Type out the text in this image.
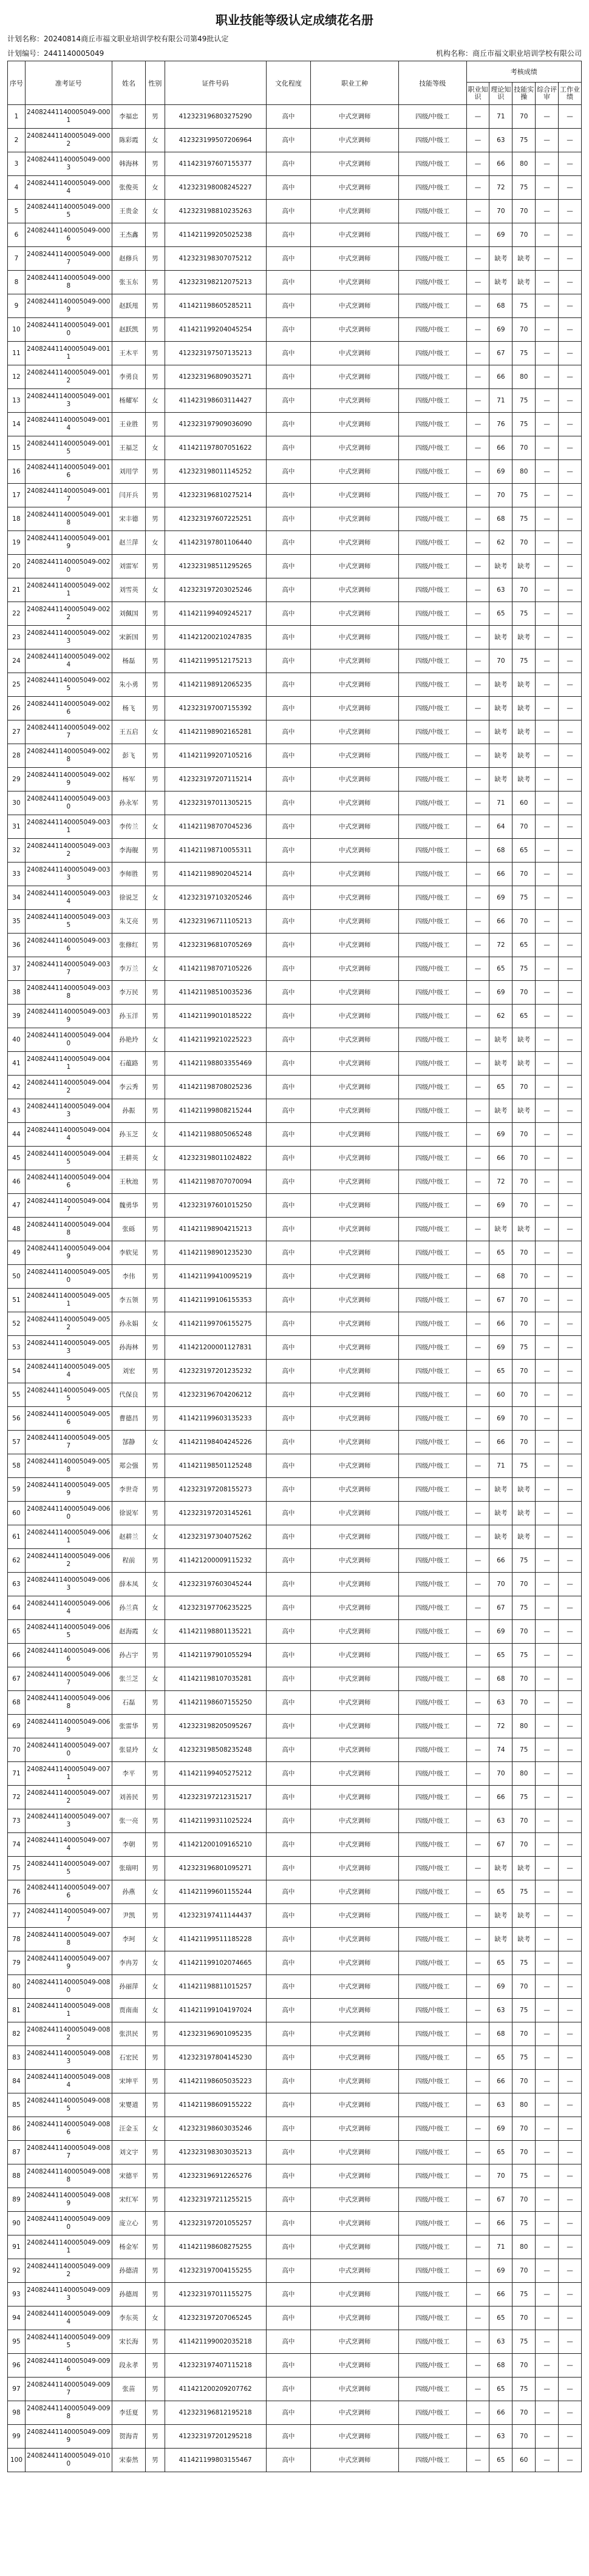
职业技能等级认定成绩花名册
计划名称：20240814商丘市福文职业培训学校有限公司第49批认定
计划编号：2441140005049	机构名称：商丘市福文职业培训学校有限公司
序号	准考证号	姓名	性别	证件号码	文化程度	职业工种	技能等级	考核成绩				
								职业知识	理论知识	技能实操	综合评审	工作业绩
1	24082441140005049-0001	李福忠	男	412323196803275290	高中	中式烹调师	四级/中级工	—	71	70	—	—
2	24082441140005049-0002	陈彩霞	女	412323199507206964	高中	中式烹调师	四级/中级工	—	63	75	—	—
3	24082441140005049-0003	韩海林	男	411423197607155377	高中	中式烹调师	四级/中级工	—	66	80	—	—
4	24082441140005049-0004	张俊英	女	412323198008245227	高中	中式烹调师	四级/中级工	—	72	75	—	—
5	24082441140005049-0005	王贵金	女	412323198810235263	高中	中式烹调师	四级/中级工	—	70	70	—	—
6	24082441140005049-0006	王杰鑫	男	411421199205025238	高中	中式烹调师	四级/中级工	—	69	70	—	—
7	24082441140005049-0007	赵修兵	男	412323198307075212	高中	中式烹调师	四级/中级工	—	缺考	缺考	—	—
8	24082441140005049-0008	张玉东	男	412323198212075213	高中	中式烹调师	四级/中级工	—	缺考	缺考	—	—
9	24082441140005049-0009	赵跃甩	男	411421198605285211	高中	中式烹调师	四级/中级工	—	68	75	—	—
10	24082441140005049-0010	赵跃凯	男	411421199204045254	高中	中式烹调师	四级/中级工	—	69	70	—	—
11	24082441140005049-0011	王木平	男	412323197507135213	高中	中式烹调师	四级/中级工	—	67	75	—	—
12	24082441140005049-0012	李勇良	男	412323196809035271	高中	中式烹调师	四级/中级工	—	66	80	—	—
13	24082441140005049-0013	杨耀军	女	411423198603114427	高中	中式烹调师	四级/中级工	—	71	75	—	—
14	24082441140005049-0014	王业胜	男	412323197909036090	高中	中式烹调师	四级/中级工	—	76	75	—	—
15	24082441140005049-0015	王福芝	女	411421197807051622	高中	中式烹调师	四级/中级工	—	66	70	—	—
16	24082441140005049-0016	刘用学	男	412323198011145252	高中	中式烹调师	四级/中级工	—	69	80	—	—
17	24082441140005049-0017	闫开兵	男	412323196810275214	高中	中式烹调师	四级/中级工	—	70	75	—	—
18	24082441140005049-0018	宋丰德	男	412323197607225251	高中	中式烹调师	四级/中级工	—	68	75	—	—
19	24082441140005049-0019	赵兰萍	女	411423197801106440	高中	中式烹调师	四级/中级工	—	62	70	—	—
20	24082441140005049-0020	刘雷军	男	412323198511295265	高中	中式烹调师	四级/中级工	—	缺考	缺考	—	—
21	24082441140005049-0021	刘雪英	女	412323197203025246	高中	中式烹调师	四级/中级工	—	63	70	—	—
22	24082441140005049-0022	刘佩国	男	411421199409245217	高中	中式烹调师	四级/中级工	—	65	75	—	—
23	24082441140005049-0023	宋新国	男	411421200210247835	高中	中式烹调师	四级/中级工	—	缺考	缺考	—	—
24	24082441140005049-0024	杨磊	男	411421199512175213	高中	中式烹调师	四级/中级工	—	70	75	—	—
25	24082441140005049-0025	朱小勇	男	411421198912065235	高中	中式烹调师	四级/中级工	—	缺考	缺考	—	—
26	24082441140005049-0026	杨飞	男	412323197007155392	高中	中式烹调师	四级/中级工	—	缺考	缺考	—	—
27	24082441140005049-0027	王五启	女	411421198902165281	高中	中式烹调师	四级/中级工	—	缺考	缺考	—	—
28	24082441140005049-0028	彭飞	男	411421199207105216	高中	中式烹调师	四级/中级工	—	缺考	缺考	—	—
29	24082441140005049-0029	杨军	男	412323197207115214	高中	中式烹调师	四级/中级工	—	缺考	缺考	—	—
30	24082441140005049-0030	孙永军	男	412323197011305215	高中	中式烹调师	四级/中级工	—	71	60	—	—
31	24082441140005049-0031	李传兰	女	411421198707045236	高中	中式烹调师	四级/中级工	—	64	70	—	—
32	24082441140005049-0032	李海舰	男	411421198710055311	高中	中式烹调师	四级/中级工	—	68	65	—	—
33	24082441140005049-0033	李师胜	男	411421198902045214	高中	中式烹调师	四级/中级工	—	66	70	—	—
34	24082441140005049-0034	徐说芝	女	412323197103205246	高中	中式烹调师	四级/中级工	—	69	75	—	—
35	24082441140005049-0035	朱艾亮	男	412323196711105213	高中	中式烹调师	四级/中级工	—	66	70	—	—
36	24082441140005049-0036	张修红	男	412323196810705269	高中	中式烹调师	四级/中级工	—	72	65	—	—
37	24082441140005049-0037	李万兰	女	411421198707105226	高中	中式烹调师	四级/中级工	—	65	75	—	—
38	24082441140005049-0038	李万民	男	411421198510035236	高中	中式烹调师	四级/中级工	—	69	70	—	—
39	24082441140005049-0039	孙玉洋	男	411421199010185222	高中	中式烹调师	四级/中级工	—	62	65	—	—
40	24082441140005049-0040	孙艳玲	女	411421199210225223	高中	中式烹调师	四级/中级工	—	缺考	缺考	—	—
41	24082441140005049-0041	石蕴路	男	411421198803355469	高中	中式烹调师	四级/中级工	—	缺考	缺考	—	—
42	24082441140005049-0042	李云秀	男	411421198708025236	高中	中式烹调师	四级/中级工	—	65	70	—	—
43	24082441140005049-0043	孙振	男	411421199808215244	高中	中式烹调师	四级/中级工	—	缺考	缺考	—	—
44	24082441140005049-0044	孙玉芝	女	411421198805065248	高中	中式烹调师	四级/中级工	—	69	70	—	—
45	24082441140005049-0045	王耕英	女	412323198011024822	高中	中式烹调师	四级/中级工	—	66	70	—	—
46	24082441140005049-0046	王秋池	男	411421198707070094	高中	中式烹调师	四级/中级工	—	72	70	—	—
47	24082441140005049-0047	魏勇华	男	412323197601015250	高中	中式烹调师	四级/中级工	—	69	70	—	—
48	24082441140005049-0048	张砾	男	411421198904215213	高中	中式烹调师	四级/中级工	—	缺考	缺考	—	—
49	24082441140005049-0049	李软见	男	411421198901235230	高中	中式烹调师	四级/中级工	—	65	70	—	—
50	24082441140005049-0050	李伟	男	411421199410095219	高中	中式烹调师	四级/中级工	—	68	70	—	—
51	24082441140005049-0051	李五领	男	411421199106155353	高中	中式烹调师	四级/中级工	—	67	70	—	—
52	24082441140005049-0052	孙永娟	女	411421199706155275	高中	中式烹调师	四级/中级工	—	66	70	—	—
53	24082441140005049-0053	孙海林	男	411421200001127831	高中	中式烹调师	四级/中级工	—	69	75	—	—
54	24082441140005049-0054	刘宏	男	412323197201235232	高中	中式烹调师	四级/中级工	—	65	70	—	—
55	24082441140005049-0055	代保良	男	412323196704206212	高中	中式烹调师	四级/中级工	—	60	70	—	—
56	24082441140005049-0056	曹德昌	男	411421199603135233	高中	中式烹调师	四级/中级工	—	69	70	—	—
57	24082441140005049-0057	郜静	女	411421198404245226	高中	中式烹调师	四级/中级工	—	66	70	—	—
58	24082441140005049-0058	郑会强	男	411421198501125248	高中	中式烹调师	四级/中级工	—	71	75	—	—
59	24082441140005049-0059	李世奇	男	412323197208155273	高中	中式烹调师	四级/中级工	—	缺考	缺考	—	—
60	24082441140005049-0060	徐说军	男	412323197203145261	高中	中式烹调师	四级/中级工	—	缺考	缺考	—	—
61	24082441140005049-0061	赵耕兰	女	412323197304075262	高中	中式烹调师	四级/中级工	—	缺考	缺考	—	—
62	24082441140005049-0062	程前	男	411421200009115232	高中	中式烹调师	四级/中级工	—	66	75	—	—
63	24082441140005049-0063	薛本凤	女	412323197603045244	高中	中式烹调师	四级/中级工	—	70	70	—	—
64	24082441140005049-0064	孙兰真	女	412323197706235225	高中	中式烹调师	四级/中级工	—	67	75	—	—
65	24082441140005049-0065	赵海霞	女	411421198801135221	高中	中式烹调师	四级/中级工	—	69	70	—	—
66	24082441140005049-0066	孙占宇	男	411421197901055294	高中	中式烹调师	四级/中级工	—	65	75	—	—
67	24082441140005049-0067	张兰芝	女	411421198107035281	高中	中式烹调师	四级/中级工	—	68	70	—	—
68	24082441140005049-0068	石磊	男	411421198607155250	高中	中式烹调师	四级/中级工	—	63	70	—	—
69	24082441140005049-0069	张雷华	男	412323198205095267	高中	中式烹调师	四级/中级工	—	72	80	—	—
70	24082441140005049-0070	张显玲	女	412323198508235248	高中	中式烹调师	四级/中级工	—	74	75	—	—
71	24082441140005049-0071	李平	男	411421199405275212	高中	中式烹调师	四级/中级工	—	70	80	—	—
72	24082441140005049-0072	刘善民	男	412323197212315217	高中	中式烹调师	四级/中级工	—	66	75	—	—
73	24082441140005049-0073	张一亮	男	411421199311025224	高中	中式烹调师	四级/中级工	—	63	70	—	—
74	24082441140005049-0074	李朝	男	411421200109165210	高中	中式烹调师	四级/中级工	—	67	70	—	—
75	24082441140005049-0075	张瑞明	男	412323196801095271	高中	中式烹调师	四级/中级工	—	缺考	缺考	—	—
76	24082441140005049-0076	孙燕	女	411421199601155244	高中	中式烹调师	四级/中级工	—	65	75	—	—
77	24082441140005049-0077	尹凯	男	412323197411144437	高中	中式烹调师	四级/中级工	—	缺考	缺考	—	—
78	24082441140005049-0078	李珂	女	411421199511185228	高中	中式烹调师	四级/中级工	—	缺考	缺考	—	—
79	24082441140005049-0079	李冉芳	女	411421199102074665	高中	中式烹调师	四级/中级工	—	65	75	—	—
80	24082441140005049-0080	孙丽萍	女	411421198811015257	高中	中式烹调师	四级/中级工	—	69	70	—	—
81	24082441140005049-0081	贾南南	女	411421199104197024	高中	中式烹调师	四级/中级工	—	63	75	—	—
82	24082441140005049-0082	张洪民	男	412323196901095235	高中	中式烹调师	四级/中级工	—	68	70	—	—
83	24082441140005049-0083	石宏民	男	412323197804145230	高中	中式烹调师	四级/中级工	—	65	75	—	—
84	24082441140005049-0084	宋坤平	男	411421198605035223	高中	中式烹调师	四级/中级工	—	66	70	—	—
85	24082441140005049-0085	宋婴道	男	411421198609155222	高中	中式烹调师	四级/中级工	—	63	80	—	—
86	24082441140005049-0086	汪金玉	女	412323198603035246	高中	中式烹调师	四级/中级工	—	69	70	—	—
87	24082441140005049-0087	刘文宇	男	412323198303035213	高中	中式烹调师	四级/中级工	—	65	70	—	—
88	24082441140005049-0088	宋德平	男	412323196912265276	高中	中式烹调师	四级/中级工	—	70	75	—	—
89	24082441140005049-0089	宋红军	男	412323197211255215	高中	中式烹调师	四级/中级工	—	67	70	—	—
90	24082441140005049-0090	庞立心	男	412323197201055257	高中	中式烹调师	四级/中级工	—	66	75	—	—
91	24082441140005049-0091	杨金军	男	411421198608275255	高中	中式烹调师	四级/中级工	—	71	80	—	—
92	24082441140005049-0092	孙德清	男	412323197004155255	高中	中式烹调师	四级/中级工	—	69	70	—	—
93	24082441140005049-0093	孙德周	男	412323197011155275	高中	中式烹调师	四级/中级工	—	66	75	—	—
94	24082441140005049-0094	李东英	女	412323197207065245	高中	中式烹调师	四级/中级工	—	65	70	—	—
95	24082441140005049-0095	宋长海	男	411421199002035218	高中	中式烹调师	四级/中级工	—	63	75	—	—
96	24082441140005049-0096	段永孝	男	412323197407115218	高中	中式烹调师	四级/中级工	—	68	70	—	—
97	24082441140005049-0097	张苗	男	411421200209207762	高中	中式烹调师	四级/中级工	—	65	75	—	—
98	24082441140005049-0098	李廷夏	男	412323196812195218	高中	中式烹调师	四级/中级工	—	66	70	—	—
99	24082441140005049-0099	贺海青	男	412323197201295218	高中	中式烹调师	四级/中级工	—	63	70	—	—
100	24082441140005049-0100	宋泰然	男	411421199803155467	高中	中式烹调师	四级/中级工	—	65	60	—	—
